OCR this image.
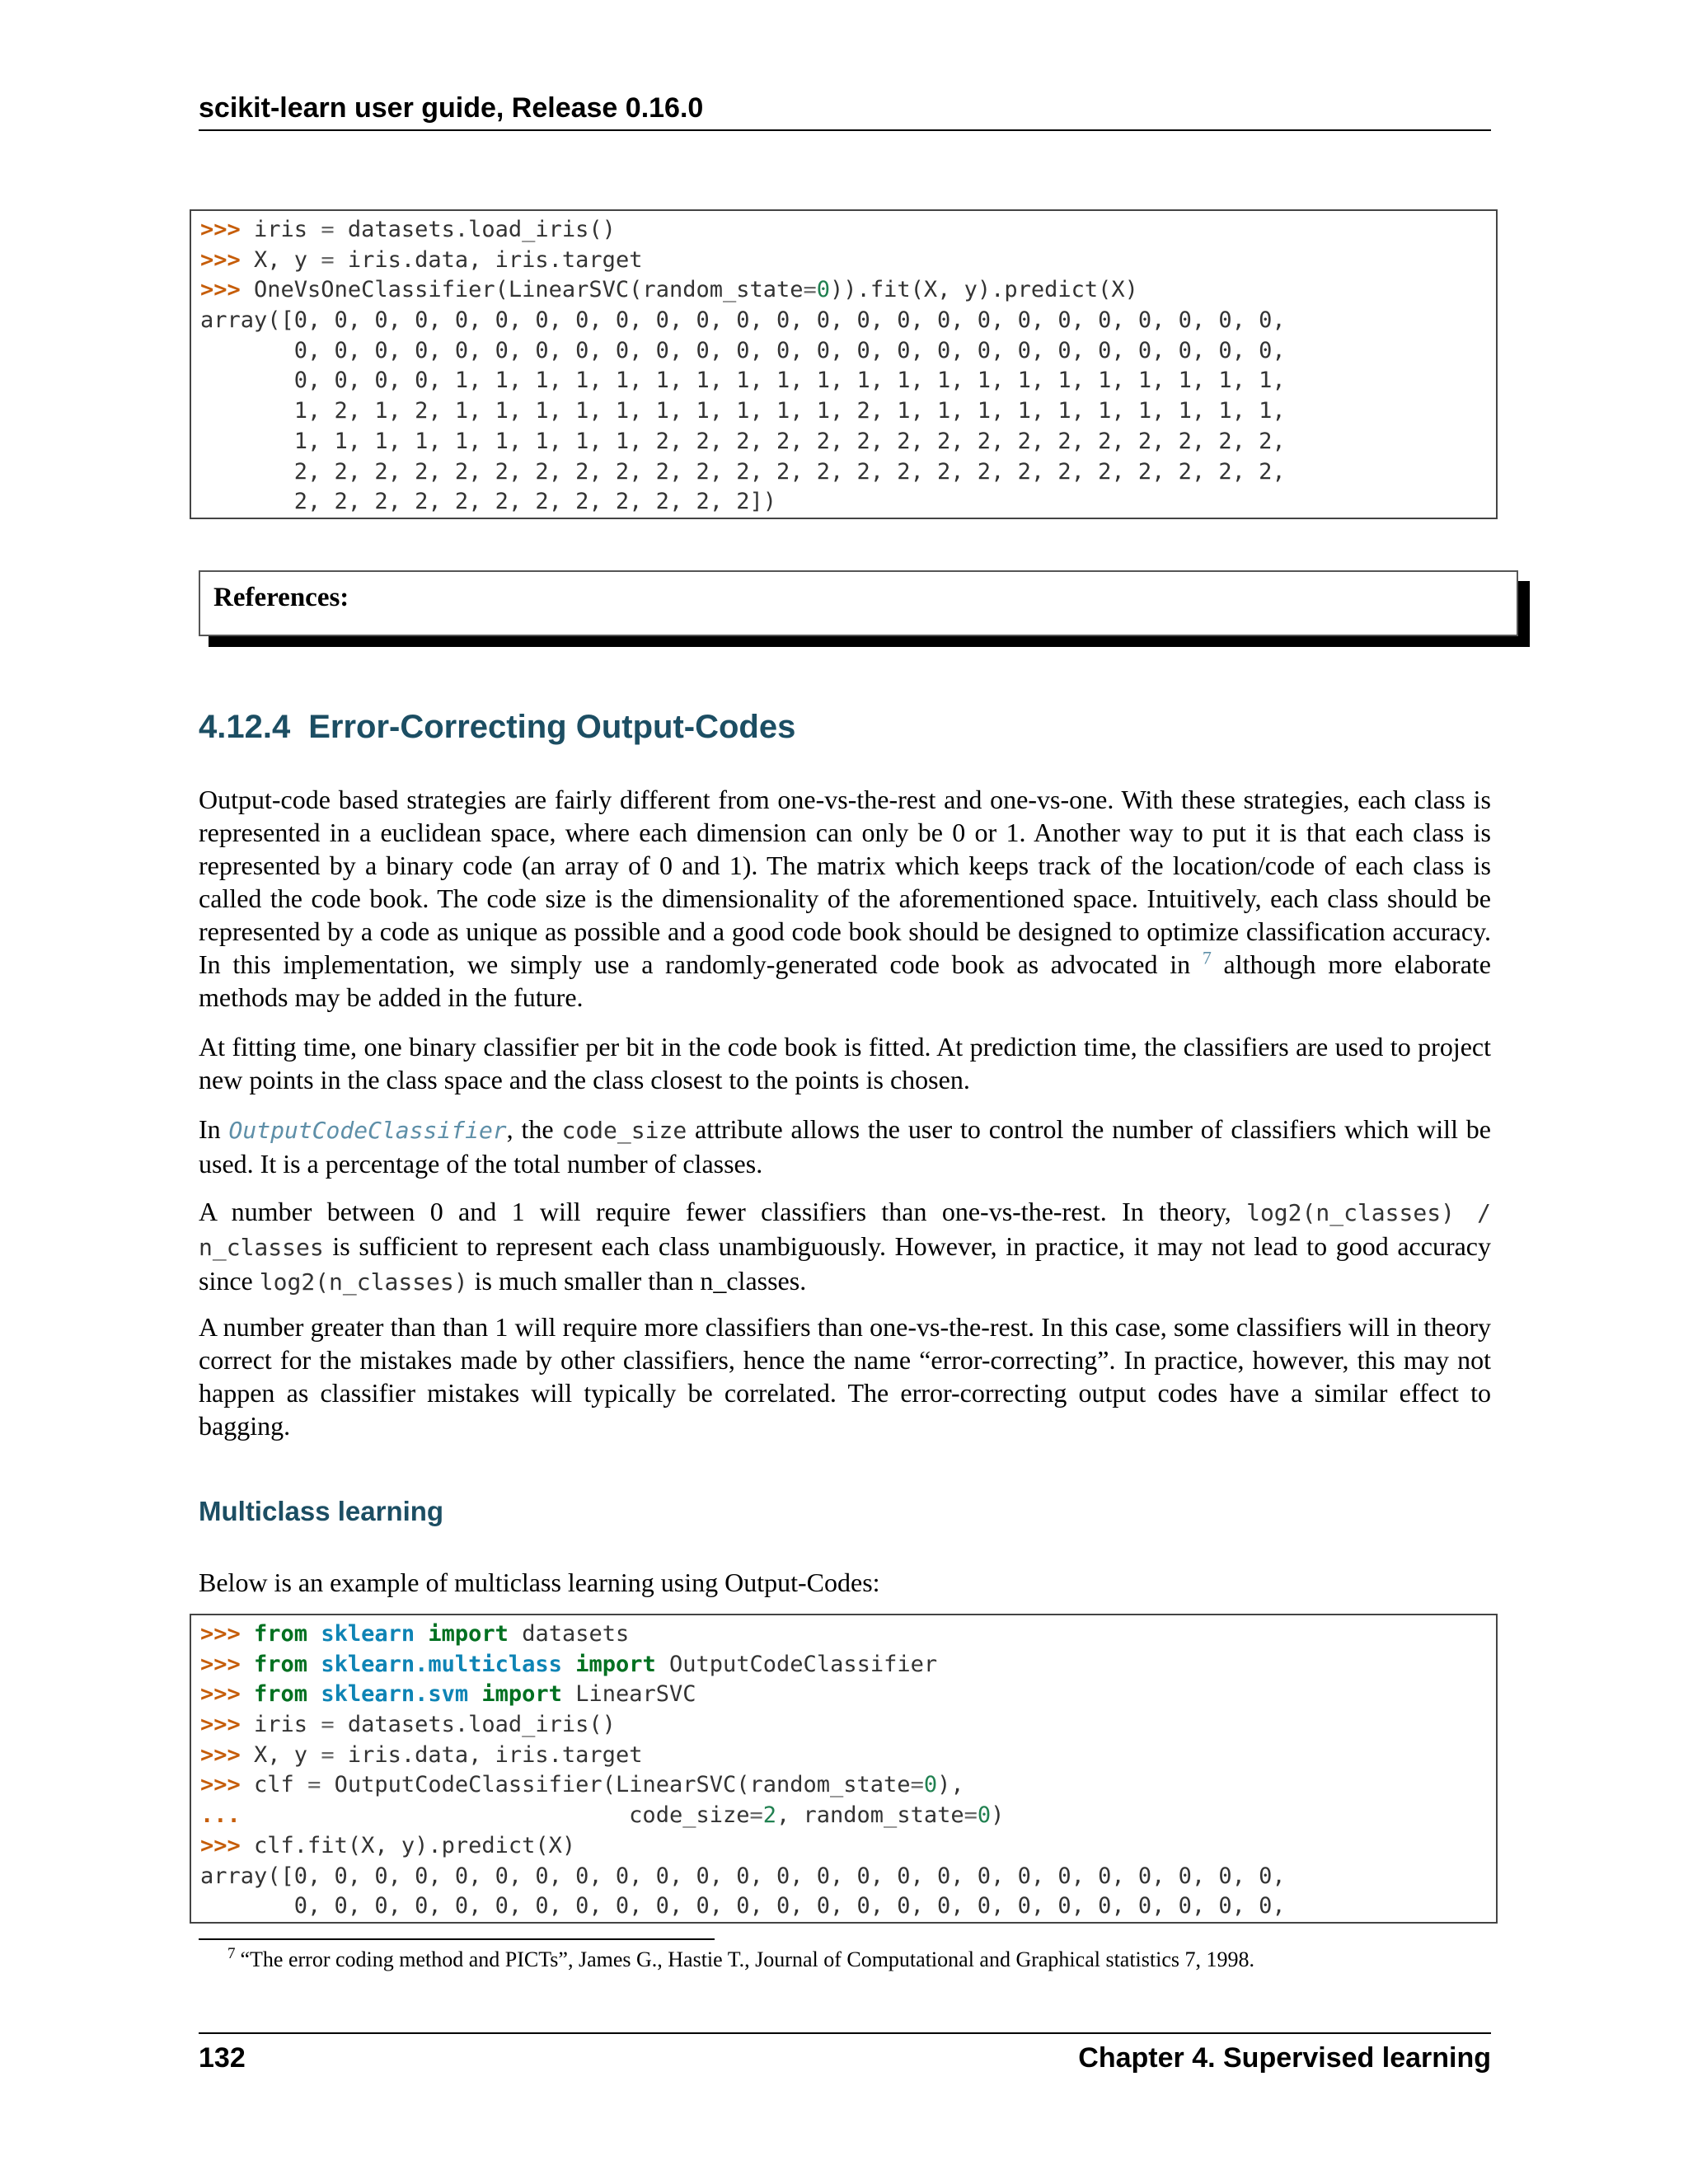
scikit-learn user guide, Release 0.16.0
>>> iris = datasets.load_iris()
>>> X, y = iris.data, iris.target
>>> OneVsOneClassifier(LinearSVC(random_state=0)).fit(X, y).predict(X)
array([0, 0, 0, 0, 0, 0, 0, 0, 0, 0, 0, 0, 0, 0, 0, 0, 0, 0, 0, 0, 0, 0, 0, 0, 0,
0, 0, 0, 0, 0, 0, 0, 0, 0, 0, 0, 0, 0, 0, 0, 0, 0, 0, 0, 0, 0, 0, 0, 0, 0,
0, 0, 0, 0, 1, 1, 1, 1, 1, 1, 1, 1, 1, 1, 1, 1, 1, 1, 1, 1, 1, 1, 1, 1, 1,
1, 2, 1, 2, 1, 1, 1, 1, 1, 1, 1, 1, 1, 1, 2, 1, 1, 1, 1, 1, 1, 1, 1, 1, 1,
1, 1, 1, 1, 1, 1, 1, 1, 1, 2, 2, 2, 2, 2, 2, 2, 2, 2, 2, 2, 2, 2, 2, 2, 2,
2, 2, 2, 2, 2, 2, 2, 2, 2, 2, 2, 2, 2, 2, 2, 2, 2, 2, 2, 2, 2, 2, 2, 2, 2,
2, 2, 2, 2, 2, 2, 2, 2, 2, 2, 2, 2])
References:
4.12.4 Error-Correcting Output-Codes
Output-code based strategies are fairly different from one-vs-the-rest and one-vs-one. With these strategies, each class is represented in a euclidean space, where each dimension can only be 0 or 1. Another way to put it is that each class is represented by a binary code (an array of 0 and 1). The matrix which keeps track of the location/code of each class is called the code book. The code size is the dimensionality of the aforementioned space. Intuitively, each class should be represented by a code as unique as possible and a good code book should be designed to optimize classification accuracy. In this implementation, we simply use a randomly-generated code book as advocated in $^7$ although more elaborate methods may be added in the future.
At fitting time, one binary classifier per bit in the code book is fitted. At prediction time, the classifiers are used to project new points in the class space and the class closest to the points is chosen.
In OutputCodeClassifier, the code_size attribute allows the user to control the number of classifiers which will be used. It is a percentage of the total number of classes.
A number between 0 and 1 will require fewer classifiers than one-vs-the-rest. In theory, log2(n_classes) / n_classes is sufficient to represent each class unambiguously. However, in practice, it may not lead to good accuracy since log2(n_classes) is much smaller than n_classes.
A number greater than than 1 will require more classifiers than one-vs-the-rest. In this case, some classifiers will in theory correct for the mistakes made by other classifiers, hence the name “error-correcting”. In practice, however, this may not happen as classifier mistakes will typically be correlated. The error-correcting output codes have a similar effect to bagging.
Multiclass learning
Below is an example of multiclass learning using Output-Codes:
>>> from sklearn import datasets
>>> from sklearn.multiclass import OutputCodeClassifier
>>> from sklearn.svm import LinearSVC
>>> iris = datasets.load_iris()
>>> X, y = iris.data, iris.target
>>> clf = OutputCodeClassifier(LinearSVC(random_state=0),
...                             code_size=2, random_state=0)
>>> clf.fit(X, y).predict(X)
array([0, 0, 0, 0, 0, 0, 0, 0, 0, 0, 0, 0, 0, 0, 0, 0, 0, 0, 0, 0, 0, 0, 0, 0, 0,
0, 0, 0, 0, 0, 0, 0, 0, 0, 0, 0, 0, 0, 0, 0, 0, 0, 0, 0, 0, 0, 0, 0, 0, 0,
$^7$ “The error coding method and PICTs”, James G., Hastie T., Journal of Computational and Graphical statistics 7, 1998.
132	Chapter 4. Supervised learning
